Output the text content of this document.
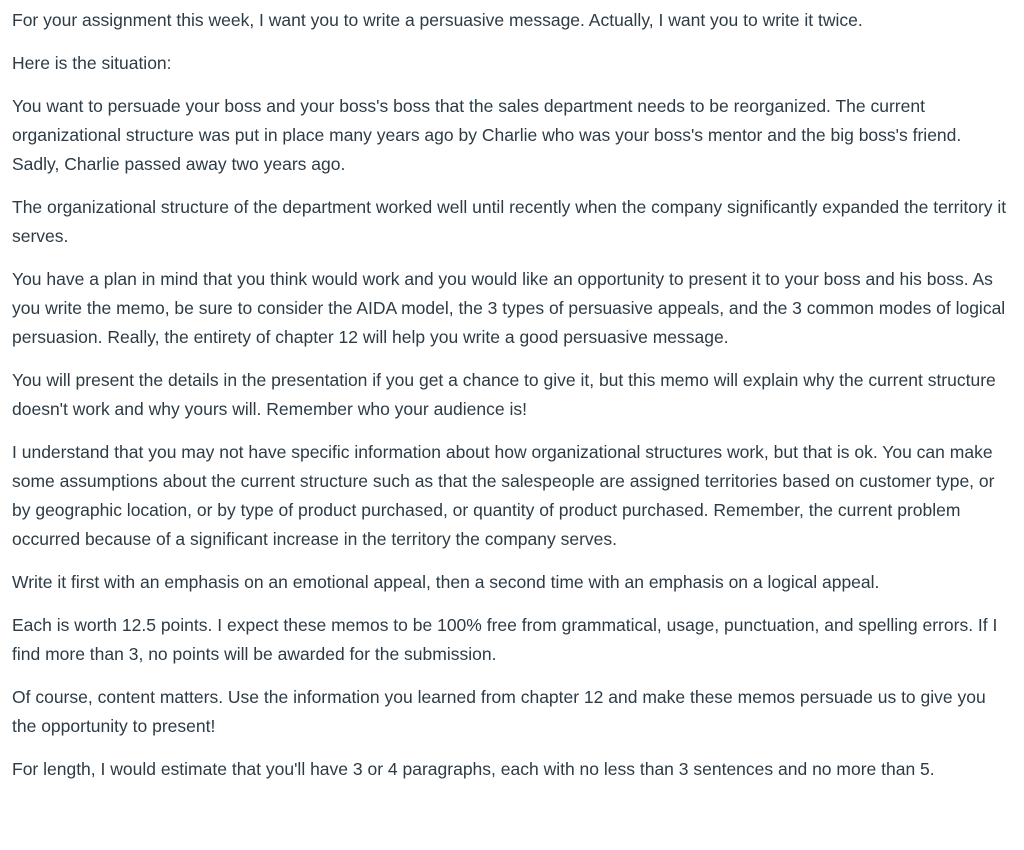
For your assignment this week, I want you to write a persuasive message. Actually, I want you to write it twice.

Here is the situation:

You want to persuade your boss and your boss's boss that the sales department needs to be reorganized. The current organizational structure was put in place many years ago by Charlie who was your boss's mentor and the big boss's friend. Sadly, Charlie passed away two years ago.

The organizational structure of the department worked well until recently when the company significantly expanded the territory it serves.

You have a plan in mind that you think would work and you would like an opportunity to present it to your boss and his boss. As you write the memo, be sure to consider the AIDA model, the 3 types of persuasive appeals, and the 3 common modes of logical persuasion. Really, the entirety of chapter 12 will help you write a good persuasive message.

You will present the details in the presentation if you get a chance to give it, but this memo will explain why the current structure doesn't work and why yours will. Remember who your audience is!

I understand that you may not have specific information about how organizational structures work, but that is ok. You can make some assumptions about the current structure such as that the salespeople are assigned territories based on customer type, or by geographic location, or by type of product purchased, or quantity of product purchased. Remember, the current problem occurred because of a significant increase in the territory the company serves.

Write it first with an emphasis on an emotional appeal, then a second time with an emphasis on a logical appeal.

Each is worth 12.5 points. I expect these memos to be 100% free from grammatical, usage, punctuation, and spelling errors. If I find more than 3, no points will be awarded for the submission.

Of course, content matters. Use the information you learned from chapter 12 and make these memos persuade us to give you the opportunity to present!

For length, I would estimate that you'll have 3 or 4 paragraphs, each with no less than 3 sentences and no more than 5.
